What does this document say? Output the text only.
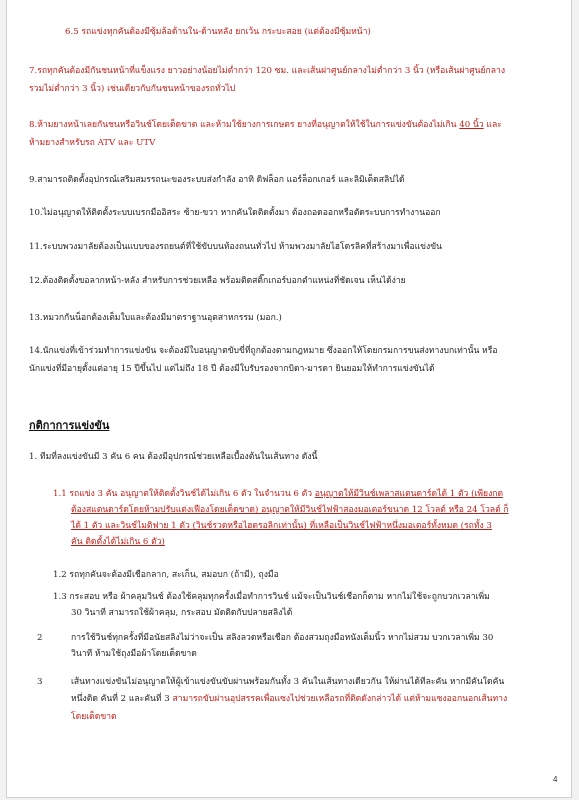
6.5 รถแข่งทุกคันต้องมีซุ้มล้อด้านใน-ด้านหลัง ยกเว้น กระบะสอย (แต่ต้องมีซุ้มหน้า)
7.รถทุกคันต้องมีกันชนหน้าที่แข็งแรง ยาวอย่างน้อยไม่ต่ำกว่า 120 ซม. และเส้นผ่าศูนย์กลางไม่ต่ำกว่า 3 นิ้ว (หรือเส้นผ่าศูนย์กลาง
รวมไม่ต่ำกว่า 3 นิ้ว) เช่นเดียวกับกันชนหน้าของรถทั่วไป
8.ห้ามยางหน้าเลยกันชนหรือวินช์โดยเด็ดขาด และห้ามใช้ยางการเกษตร ยางที่อนุญาตให้ใช้ในการแข่งขันต้องไม่เกิน 40 นิ้ว และ
ห้ามยางสำหรับรถ ATV และ UTV
9.สามารถติดตั้งอุปกรณ์เสริมสมรรถนะของระบบส่งกำลัง อาทิ ดิฟล็อก แอร์ล็อกเกอร์ และลิมิเต็ดสลิปได้
10.ไม่อนุญาตให้ติดตั้งระบบเบรกมืออิสระ ซ้าย-ขวา หากคันใดติดตั้งมา ต้องถอดออกหรือตัดระบบการทำงานออก
11.ระบบพวงมาลัยต้องเป็นแบบของรถยนต์ที่ใช้ขับบนท้องถนนทั่วไป ห้ามพวงมาลัยไฮโดรลิคที่สร้างมาเพื่อแข่งขัน
12.ต้องติดตั้งขอลากหน้า-หลัง สำหรับการช่วยเหลือ พร้อมติดสติ๊กเกอร์บอกตำแหน่งที่ชัดเจน เห็นได้ง่าย
13.หมวกกันน็อกต้องเต็มใบและต้องมีมาตราฐานอุตสาหกรรม (มอก.)
14.นักแข่งที่เข้าร่วมทำการแข่งขัน จะต้องมีใบอนุญาตขับขี่ที่ถูกต้องตามกฎหมาย ซึ่งออกให้โดยกรมการขนส่งทางบกเท่านั้น หรือ
นักแข่งที่มีอายุตั้งแต่อายุ 15 ปีขึ้นไป แต่ไม่ถึง 18 ปี ต้องมีใบรับรองจากบิดา-มารดา ยินยอมให้ทำการแข่งขันได้
กติกาการแข่งขัน
1. ทีมที่ลงแข่งขันมี 3 คัน 6 คน ต้องมีอุปกรณ์ช่วยเหลือเบื้องต้นในเส้นทาง ดังนี้
1.1 รถแข่ง 3 คัน อนุญาตให้ติดตั้งวินช์ได้ไม่เกิน 6 ตัว ในจำนวน 6 ตัว อนุญาตให้มีวินช์เพลาสแตนดาร์ดได้ 1 ตัว (เพียงกด
ต้องสแตนดาร์ดโดยห้ามปรับแต่งเฟืองโดยเด็ดขาด) อนุญาตให้มีวินช์ไฟฟ้าสองมอเตอร์ขนาด 12 โวลต์ หรือ 24 โวลต์ ก็
ได้ 1 ตัว และวินช์ไมติฟาย 1 ตัว (วินช์รวดหรือไฮดรอลิกเท่านั้น) ที่เหลือเป็นวินช์ไฟฟ้าหนึ่งมอเตอร์ทั้งหมด (รถทั้ง 3
คัน ติดตั้งได้ไม่เกิน 6 ตัว)
1.2 รถทุกคันจะต้องมีเชือกลาก, สะเก็น, สมอบก (ถ้ามี), ถุงมือ
1.3 กระสอบ หรือ ผ้าคลุมวินช์ ต้องใช้คลุมทุกครั้งเมื่อทำการวินช์ แม้จะเป็นวินช์เชือกก็ตาม หากไม่ใช้จะถูกบวกเวลาเพิ่ม
30 วินาที สามารถใช้ผ้าคลุม, กระสอบ มัดติดกับปลายสลิงได้
2	การใช้วินช์ทุกครั้งที่มีอนัยสลิงไม่ว่าจะเป็น สลิงลวดหรือเชือก ต้องสวมถุงมือหนังเต็มนิ้ว หากไม่สวม บวกเวลาเพิ่ม 30
วินาที ห้ามใช้ถุงมือผ้าโดยเด็ดขาด
3	เส้นทางแข่งขันไม่อนุญาตให้ผู้เข้าแข่งขันขับผ่านพร้อมกันทั้ง 3 คันในเส้นทางเดียวกัน ให้ผ่านได้ทีละคัน หากมีคันใดคัน
หนึ่งติด คันที่ 2 และคันที่ 3 สามารถขับผ่านอุปสรรคเพื่อแซงไปช่วยเหลือรถที่ติดดังกล่าวได้ แต่ห้ามแซงออกนอกเส้นทาง
โดยเด็ดขาด
4
